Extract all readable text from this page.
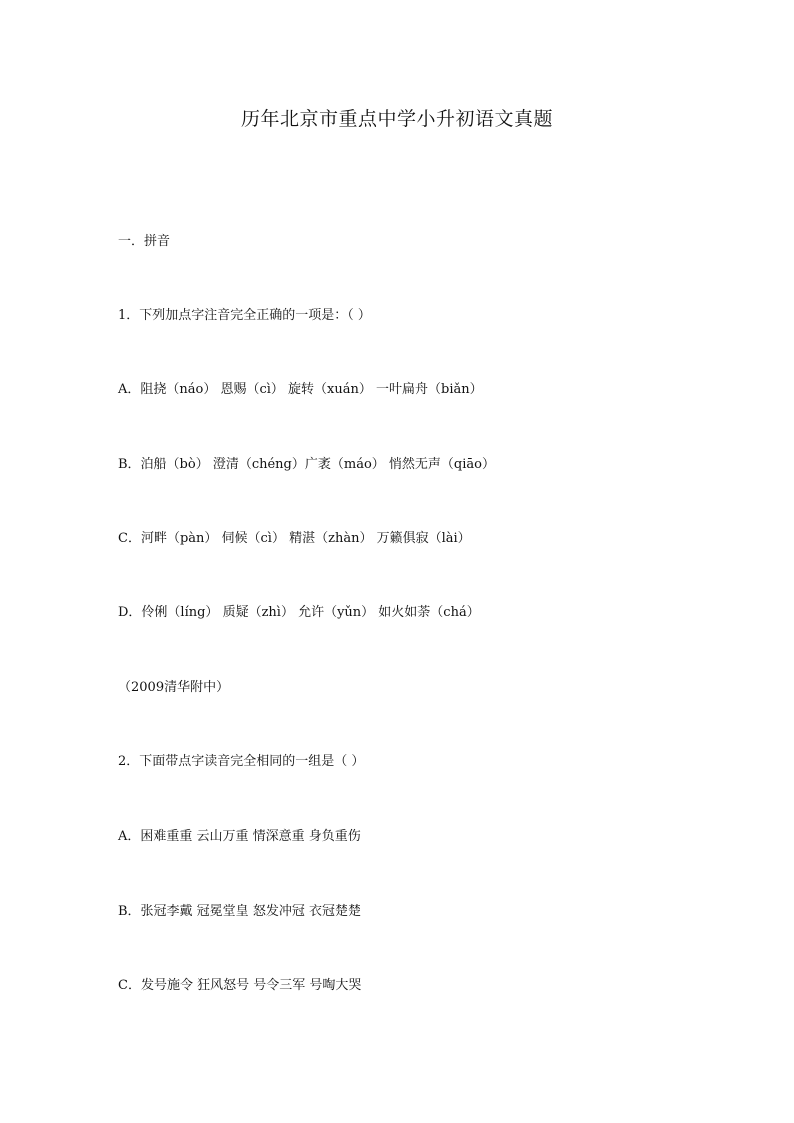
历年北京市重点中学小升初语文真题
一．拼音
1．下列加点字注音完全正确的一项是：（ ）
A．阻挠（náo） 恩赐（cì） 旋转（xuán） 一叶扁舟（biǎn）
B．泊船（bò） 澄清（chéng）广袤（máo） 悄然无声（qiāo）
C．河畔（pàn） 伺候（cì） 精湛（zhàn） 万籁俱寂（lài）
D．伶俐（líng） 质疑（zhì） 允许（yǔn） 如火如荼（chá）
（2009清华附中）
2．下面带点字读音完全相同的一组是（ ）
A．困难重重 云山万重 情深意重 身负重伤
B．张冠李戴 冠冕堂皇 怒发冲冠 衣冠楚楚
C．发号施令 狂风怒号 号令三军 号啕大哭
